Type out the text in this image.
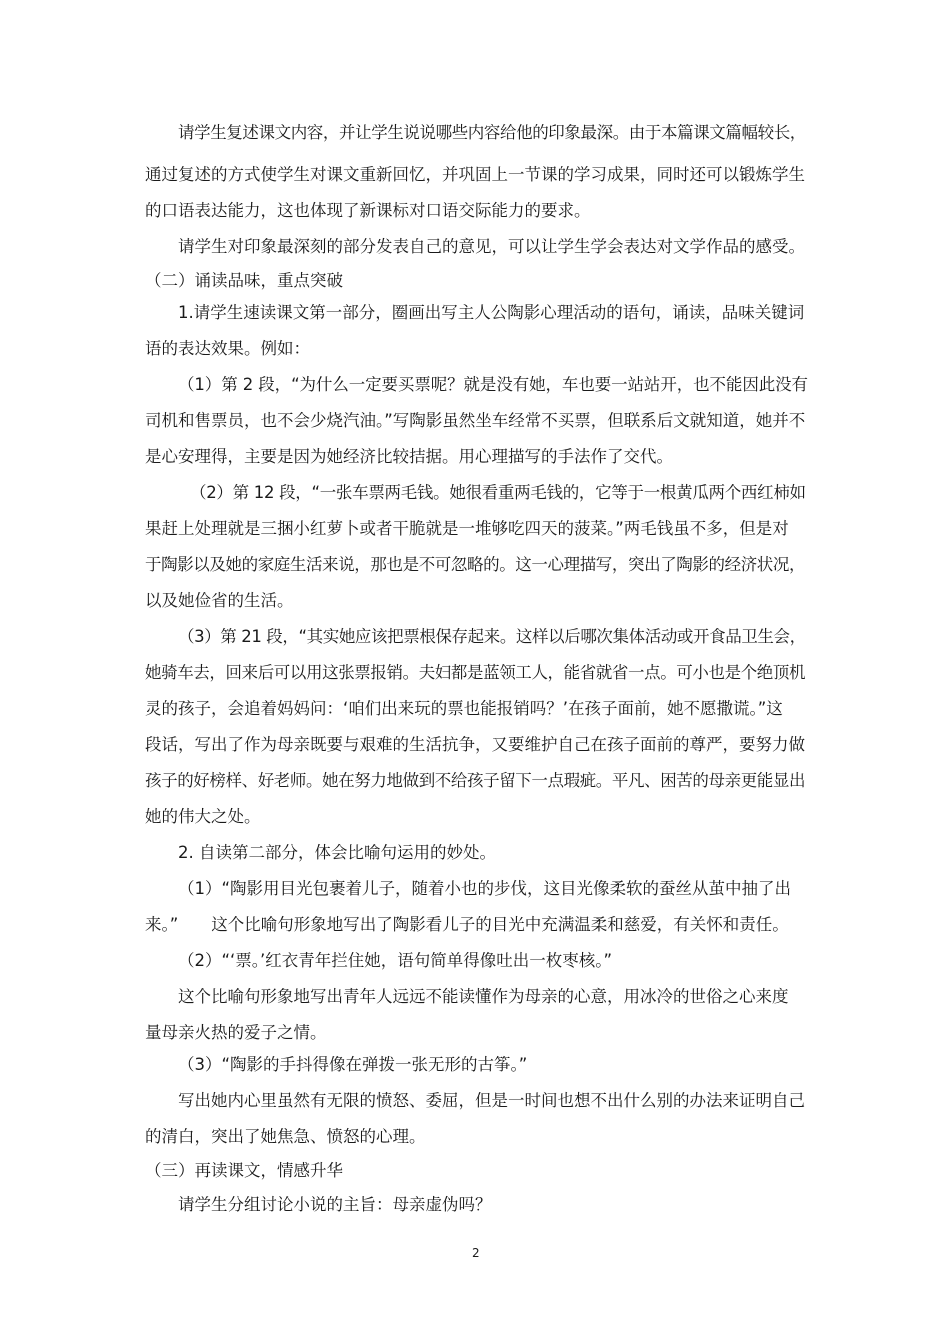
请学生复述课文内容，并让学生说说哪些内容给他的印象最深。由于本篇课文篇幅较长，
通过复述的方式使学生对课文重新回忆，并巩固上一节课的学习成果，同时还可以锻炼学生
的口语表达能力，这也体现了新课标对口语交际能力的要求。
请学生对印象最深刻的部分发表自己的意见，可以让学生学会表达对文学作品的感受。
（二）诵读品味，重点突破
1.请学生速读课文第一部分，圈画出写主人公陶影心理活动的语句，诵读，品味关键词
语的表达效果。例如：
（1）第 2 段，“为什么一定要买票呢？就是没有她，车也要一站站开，也不能因此没有
司机和售票员，也不会少烧汽油。”写陶影虽然坐车经常不买票，但联系后文就知道，她并不
是心安理得，主要是因为她经济比较拮据。用心理描写的手法作了交代。
（2）第 12 段，“一张车票两毛钱。她很看重两毛钱的，它等于一根黄瓜两个西红柿如
果赶上处理就是三捆小红萝卜或者干脆就是一堆够吃四天的菠菜。”两毛钱虽不多，但是对
于陶影以及她的家庭生活来说，那也是不可忽略的。这一心理描写，突出了陶影的经济状况，
以及她俭省的生活。
（3）第 21 段，“其实她应该把票根保存起来。这样以后哪次集体活动或开食品卫生会，
她骑车去，回来后可以用这张票报销。夫妇都是蓝领工人，能省就省一点。可小也是个绝顶机
灵的孩子，会追着妈妈问：‘咱们出来玩的票也能报销吗？’在孩子面前，她不愿撒谎。”这
段话，写出了作为母亲既要与艰难的生活抗争，又要维护自己在孩子面前的尊严，要努力做
孩子的好榜样、好老师。她在努力地做到不给孩子留下一点瑕疵。平凡、困苦的母亲更能显出
她的伟大之处。
2. 自读第二部分，体会比喻句运用的妙处。
（1）“陶影用目光包裹着儿子，随着小也的步伐，这目光像柔软的蚕丝从茧中抽了出
来。”　　这个比喻句形象地写出了陶影看儿子的目光中充满温柔和慈爱，有关怀和责任。
（2）“‘票。’红衣青年拦住她，语句简单得像吐出一枚枣核。”
这个比喻句形象地写出青年人远远不能读懂作为母亲的心意，用冰冷的世俗之心来度
量母亲火热的爱子之情。
（3）“陶影的手抖得像在弹拨一张无形的古筝。”
写出她内心里虽然有无限的愤怒、委屈，但是一时间也想不出什么别的办法来证明自己
的清白，突出了她焦急、愤怒的心理。
（三）再读课文，情感升华
请学生分组讨论小说的主旨：母亲虚伪吗？
2
